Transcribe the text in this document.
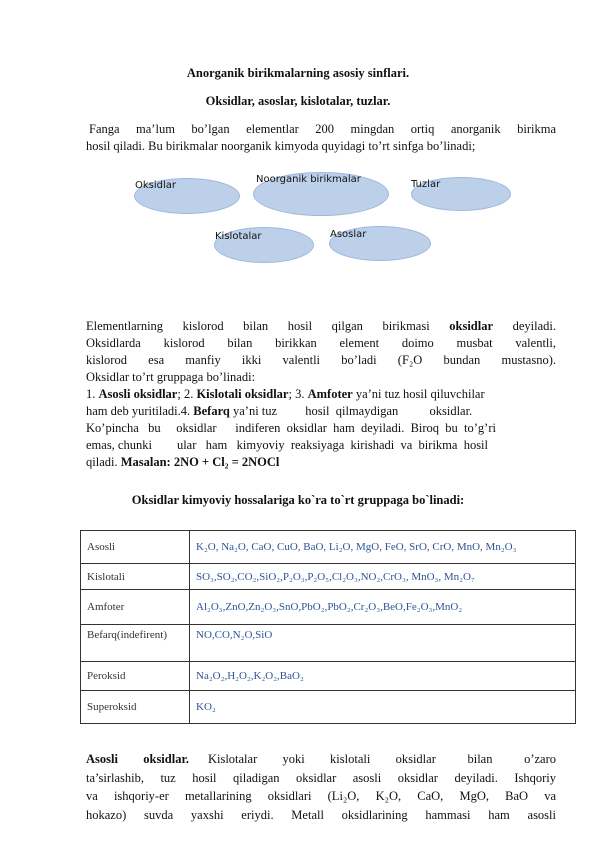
Anorganik birikmalarning asosiy sinflari.
Oksidlar, asoslar, kislotalar, tuzlar.
Fanga ma’lum bo’lgan elementlar 200 mingdan ortiq anorganik birikma
hosil qiladi. Bu birikmalar noorganik kimyoda quyidagi to’rt sinfga bo’linadi;
Oksidlar
Noorganik birikmalar	Tuzlar
Kislotalar	Asoslar
Elementlarning kislorod bilan hosil qilgan birikmasi oksidlar deyiladi.
Oksidlarda kislorod bilan birikkan element doimo musbat valentli,
kislorod esa manfiy ikki valentli bo’ladi (F₂O bundan mustasno).
Oksidlar to’rt gruppaga bo’linadi:
1. Asosli oksidlar; 2. Kislotali oksidlar; 3. Amfoter ya’ni tuz hosil qiluvchilar
ham deb yuritiladi.4. Befarq ya’ni tuz         hosil  qilmaydigan          oksidlar.
Ko’pincha   bu     oksidlar      indiferen  oksidlar  ham  deyiladi.  Biroq  bu  to’g’ri
emas, chunki        ular   ham   kimyoviy  reaksiyaga  kirishadi  va  birikma  hosil
qiladi. Masalan: 2NO + Cl₂ = 2NOCl
Oksidlar kimyoviy hossalariga ko`ra to`rt gruppaga bo`linadi:
Asosli	K₂O, Na₂O, CaO, CuO, BaO, Li₂O, MgO, FeO, SrO, CrO, MnO, Mn₂O₃
Kislotali	SO₃,SO₂,CO₂,SiO₂,P₂O₃,P₂O₅,Cl₂O₃,NO₂,CrO₃, MnO₃, Mn₂O₇
Amfoter	Al₂O₃,ZnO,Zn₂O₃,SnO,PbO₂,PbO₂,Cr₂O₃,BeO,Fe₂O₃,MnO₂
Befarq(indefirent)	NO,CO,N₂O,SiO
Peroksid	Na₂O₂,H₂O₂,K₂O₂,BaO₂
Superoksid	KO₂
Asosli    oksidlar. Kislotalar    yoki    kislotali    oksidlar     bilan     o’zaro
ta’sirlashib, tuz hosil qiladigan oksidlar asosli oksidlar deyiladi. Ishqoriy
va ishqoriy-er metallarining oksidlari (Li₂O, K₂O, CaO, MgO, BaO va
hokazo) suvda yaxshi eriydi. Metall oksidlarining hammasi ham asosli
